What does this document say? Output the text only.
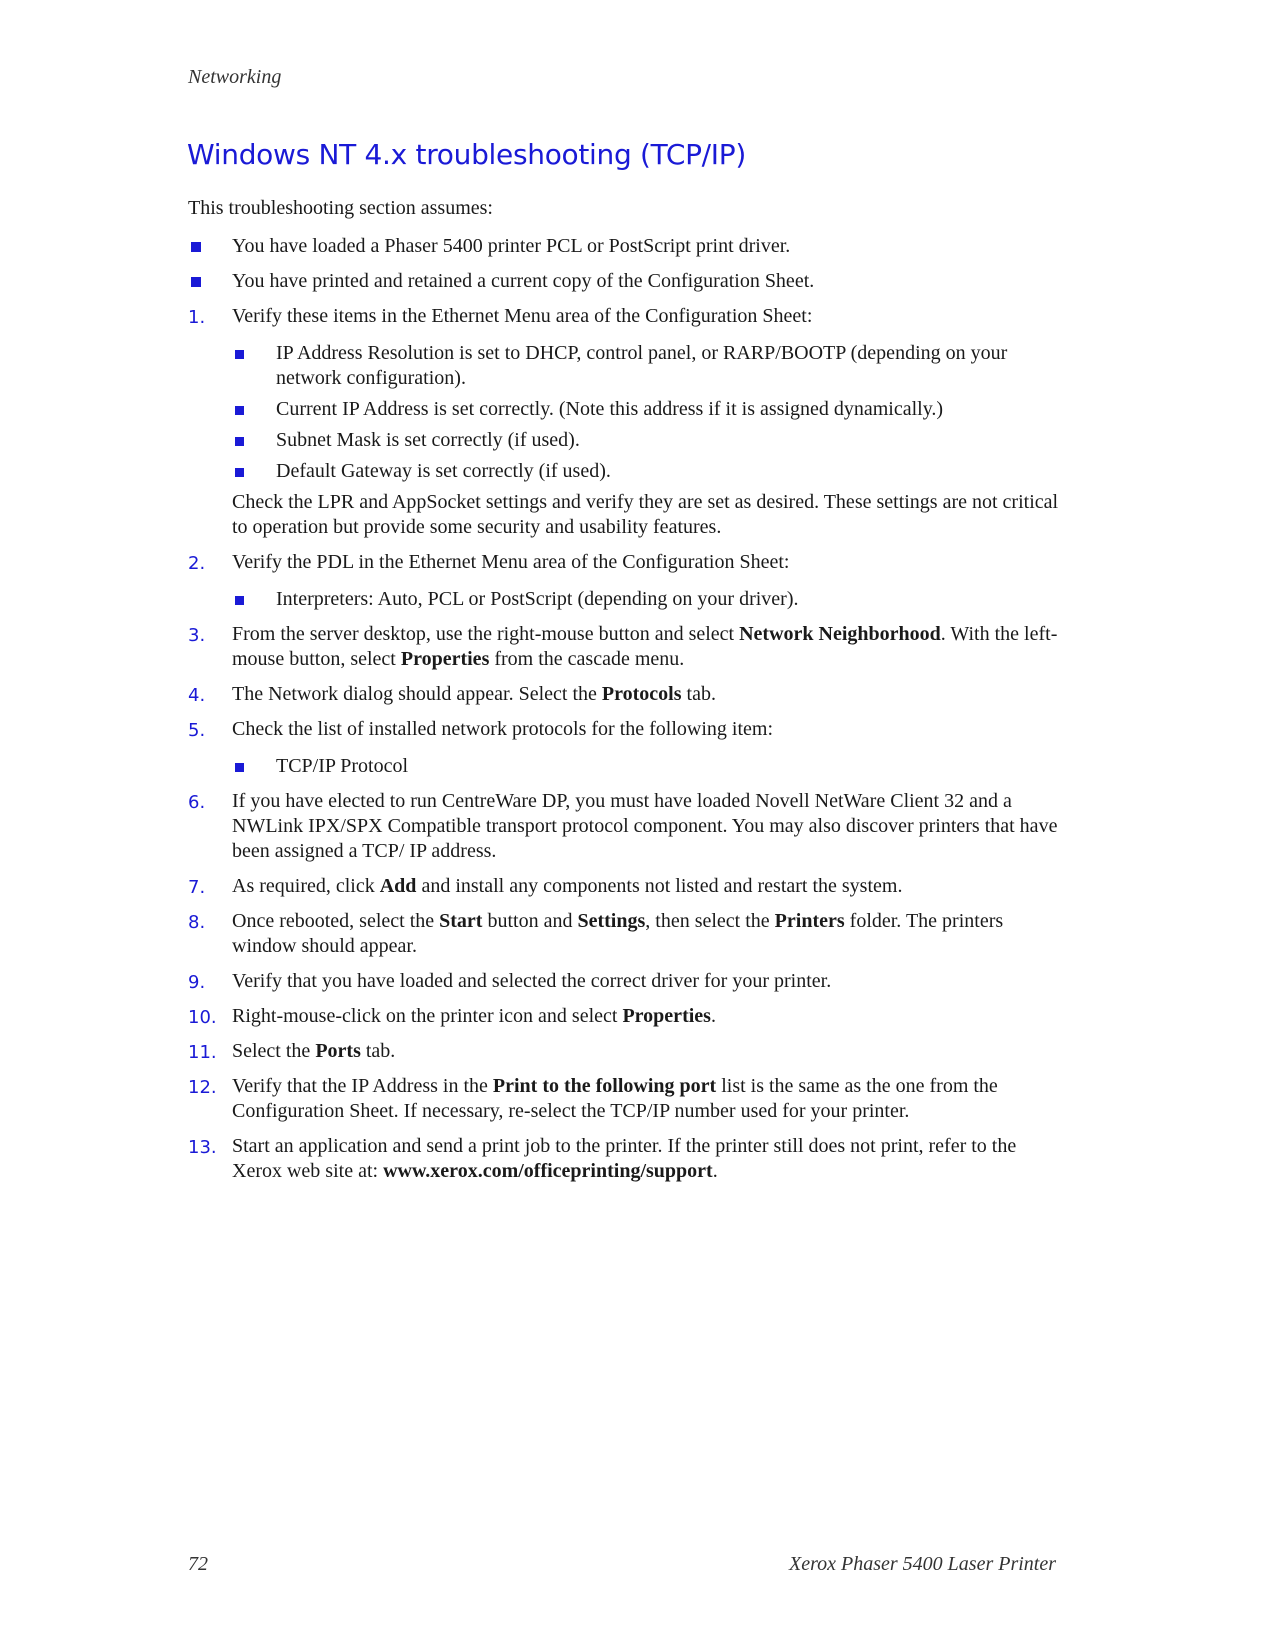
Networking
Windows NT 4.x troubleshooting (TCP/IP)

This troubleshooting section assumes:

You have loaded a Phaser 5400 printer PCL or PostScript print driver.
You have printed and retained a current copy of the Configuration Sheet.
1. Verify these items in the Ethernet Menu area of the Configuration Sheet:
IP Address Resolution is set to DHCP, control panel, or RARP/BOOTP (depending on your network configuration).
Current IP Address is set correctly. (Note this address if it is assigned dynamically.)
Subnet Mask is set correctly (if used).
Default Gateway is set correctly (if used).
Check the LPR and AppSocket settings and verify they are set as desired. These settings are not critical to operation but provide some security and usability features.
2. Verify the PDL in the Ethernet Menu area of the Configuration Sheet:
Interpreters: Auto, PCL or PostScript (depending on your driver).
3. From the server desktop, use the right-mouse button and select Network Neighborhood. With the left-mouse button, select Properties from the cascade menu.
4. The Network dialog should appear. Select the Protocols tab.
5. Check the list of installed network protocols for the following item:
TCP/IP Protocol
6. If you have elected to run CentreWare DP, you must have loaded Novell NetWare Client 32 and a NWLink IPX/SPX Compatible transport protocol component. You may also discover printers that have been assigned a TCP/ IP address.
7. As required, click Add and install any components not listed and restart the system.
8. Once rebooted, select the Start button and Settings, then select the Printers folder. The printers window should appear.
9. Verify that you have loaded and selected the correct driver for your printer.
10. Right-mouse-click on the printer icon and select Properties.
11. Select the Ports tab.
12. Verify that the IP Address in the Print to the following port list is the same as the one from the Configuration Sheet. If necessary, re-select the TCP/IP number used for your printer.
13. Start an application and send a print job to the printer. If the printer still does not print, refer to the Xerox web site at: www.xerox.com/officeprinting/support.
72	Xerox Phaser 5400 Laser Printer
